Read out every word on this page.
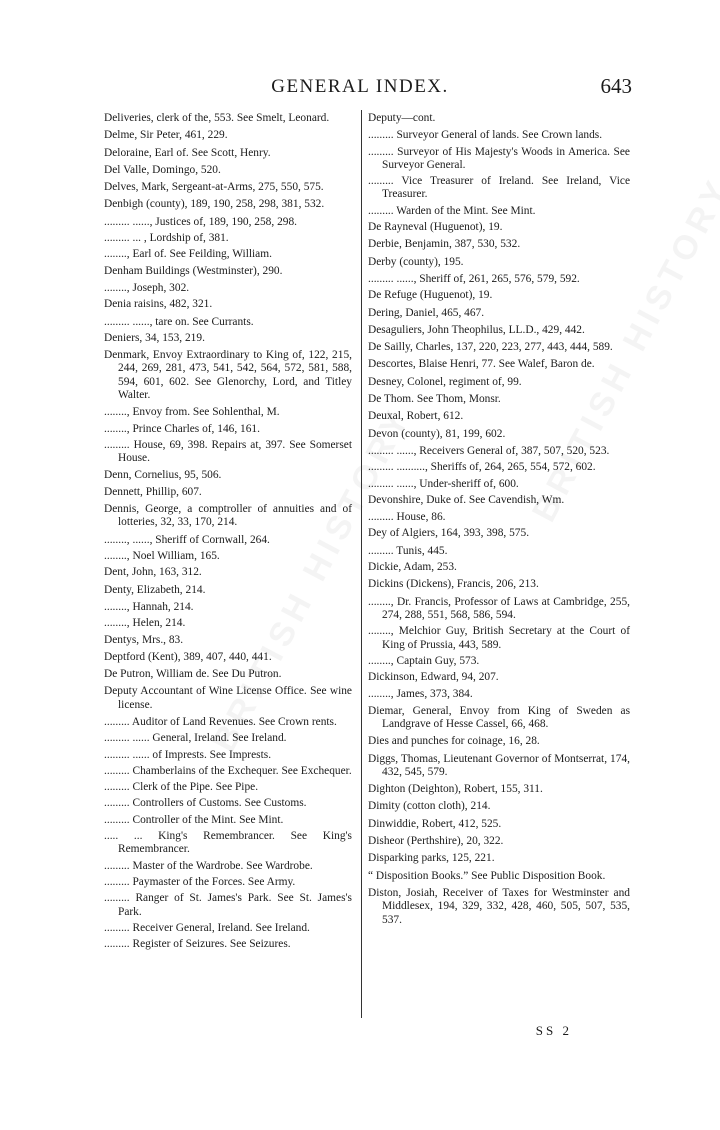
GENERAL INDEX.	643
Deliveries, clerk of the, 553. See Smelt, Leonard.
Delme, Sir Peter, 461, 229.
Deloraine, Earl of. See Scott, Henry.
Del Valle, Domingo, 520.
Delves, Mark, Sergeant-at-Arms, 275, 550, 575.
Denbigh (county), 189, 190, 258, 298, 381, 532.
......... ......, Justices of, 189, 190, 258, 298.
......... ... , Lordship of, 381.
........, Earl of. See Feilding, William.
Denham Buildings (Westminster), 290.
........, Joseph, 302.
Denia raisins, 482, 321.
......... ......, tare on. See Currants.
Deniers, 34, 153, 219.
Denmark, Envoy Extraordinary to King of, 122, 215, 244, 269, 281, 473, 541, 542, 564, 572, 581, 588, 594, 601, 602. See Glenorchy, Lord, and Titley Walter.
........, Envoy from. See Sohlenthal, M.
........, Prince Charles of, 146, 161.
......... House, 69, 398. Repairs at, 397. See Somerset House.
Denn, Cornelius, 95, 506.
Dennett, Phillip, 607.
Dennis, George, a comptroller of annuities and of lotteries, 32, 33, 170, 214.
........, ......, Sheriff of Cornwall, 264.
........, Noel William, 165.
Dent, John, 163, 312.
Denty, Elizabeth, 214.
........, Hannah, 214.
........, Helen, 214.
Dentys, Mrs., 83.
Deptford (Kent), 389, 407, 440, 441.
De Putron, William de. See Du Putron.
Deputy Accountant of Wine License Office. See wine license.
......... Auditor of Land Revenues. See Crown rents.
......... ...... General, Ireland. See Ireland.
......... ...... of Imprests. See Imprests.
......... Chamberlains of the Exchequer. See Exchequer.
......... Clerk of the Pipe. See Pipe.
......... Controllers of Customs. See Customs.
......... Controller of the Mint. See Mint.
..... ... King's Remembrancer. See King's Remembrancer.
......... Master of the Wardrobe. See Wardrobe.
......... Paymaster of the Forces. See Army.
......... Ranger of St. James's Park. See St. James's Park.
......... Receiver General, Ireland. See Ireland.
......... Register of Seizures. See Seizures.
Deputy—cont.
......... Surveyor General of lands. See Crown lands.
......... Surveyor of His Majesty's Woods in America. See Surveyor General.
......... Vice Treasurer of Ireland. See Ireland, Vice Treasurer.
......... Warden of the Mint. See Mint.
De Rayneval (Huguenot), 19.
Derbie, Benjamin, 387, 530, 532.
Derby (county), 195.
......... ......, Sheriff of, 261, 265, 576, 579, 592.
De Refuge (Huguenot), 19.
Dering, Daniel, 465, 467.
Desaguliers, John Theophilus, LL.D., 429, 442.
De Sailly, Charles, 137, 220, 223, 277, 443, 444, 589.
Descortes, Blaise Henri, 77. See Walef, Baron de.
Desney, Colonel, regiment of, 99.
De Thom. See Thom, Monsr.
Deuxal, Robert, 612.
Devon (county), 81, 199, 602.
......... ......, Receivers General of, 387, 507, 520, 523.
......... .........., Sheriffs of, 264, 265, 554, 572, 602.
......... ......, Under-sheriff of, 600.
Devonshire, Duke of. See Cavendish, Wm.
......... House, 86.
Dey of Algiers, 164, 393, 398, 575.
......... Tunis, 445.
Dickie, Adam, 253.
Dickins (Dickens), Francis, 206, 213.
........, Dr. Francis, Professor of Laws at Cambridge, 255, 274, 288, 551, 568, 586, 594.
........, Melchior Guy, British Secretary at the Court of King of Prussia, 443, 589.
........, Captain Guy, 573.
Dickinson, Edward, 94, 207.
........, James, 373, 384.
Diemar, General, Envoy from King of Sweden as Landgrave of Hesse Cassel, 66, 468.
Dies and punches for coinage, 16, 28.
Diggs, Thomas, Lieutenant Governor of Montserrat, 174, 432, 545, 579.
Dighton (Deighton), Robert, 155, 311.
Dimity (cotton cloth), 214.
Dinwiddie, Robert, 412, 525.
Disheor (Perthshire), 20, 322.
Disparking parks, 125, 221.
“ Disposition Books.” See Public Disposition Book.
Diston, Josiah, Receiver of Taxes for Westminster and Middlesex, 194, 329, 332, 428, 460, 505, 507, 535, 537.
SS 2
